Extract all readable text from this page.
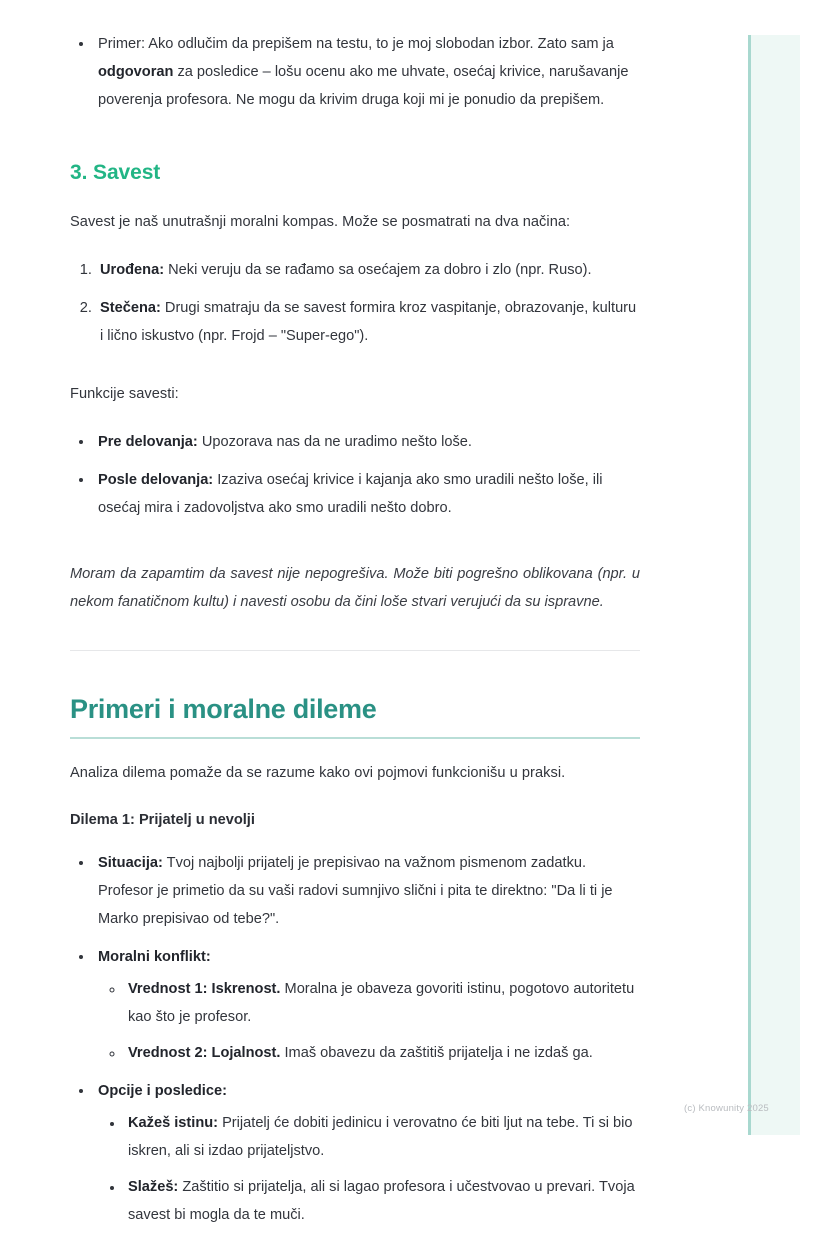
• Primer: Ako odlučim da prepišem na testu, to je moj slobodan izbor. Zato sam ja odgovoran za posledice – lošu ocenu ako me uhvate, osećaj krivice, narušavanje poverenja profesora. Ne mogu da krivim druga koji mi je ponudio da prepišem.
3. Savest

Savest je naš unutrašnji moralni kompas. Može se posmatrati na dva načina:

1. Urođena: Neki veruju da se rađamo sa osećajem za dobro i zlo (npr. Ruso).
2. Stečena: Drugi smatraju da se savest formira kroz vaspitanje, obrazovanje, kulturu i lično iskustvo (npr. Frojd – "Super-ego").

Funkcije savesti:

• Pre delovanja: Upozorava nas da ne uradimo nešto loše.
• Posle delovanja: Izaziva osećaj krivice i kajanja ako smo uradili nešto loše, ili osećaj mira i zadovoljstva ako smo uradili nešto dobro.

Moram da zapamtim da savest nije nepogrešiva. Može biti pogrešno oblikovana (npr. u nekom fanatičnom kultu) i navesti osobu da čini loše stvari verujući da su ispravne.

Primeri i moralne dileme

Analiza dilema pomaže da se razume kako ovi pojmovi funkcionišu u praksi.

Dilema 1: Prijatelj u nevolji

• Situacija: Tvoj najbolji prijatelj je prepisivao na važnom pismenom zadatku. Profesor je primetio da su vaši radovi sumnjivo slični i pita te direktno: "Da li ti je Marko prepisivao od tebe?".
• Moralni konflikt:
◦ Vrednost 1: Iskrenost. Moralna je obaveza govoriti istinu, pogotovo autoritetu kao što je profesor.
◦ Vrednost 2: Lojalnost. Imaš obavezu da zaštitiš prijatelja i ne izdaš ga.
• Opcije i posledice:
• Kažeš istinu: Prijatelj će dobiti jedinicu i verovatno će biti ljut na tebe. Ti si bio iskren, ali si izdao prijateljstvo.
• Slažeš: Zaštitio si prijatelja, ali si lagao profesora i učestvovao u prevari. Tvoja savest bi mogla da te muči.
(c) Knowunity 2025
